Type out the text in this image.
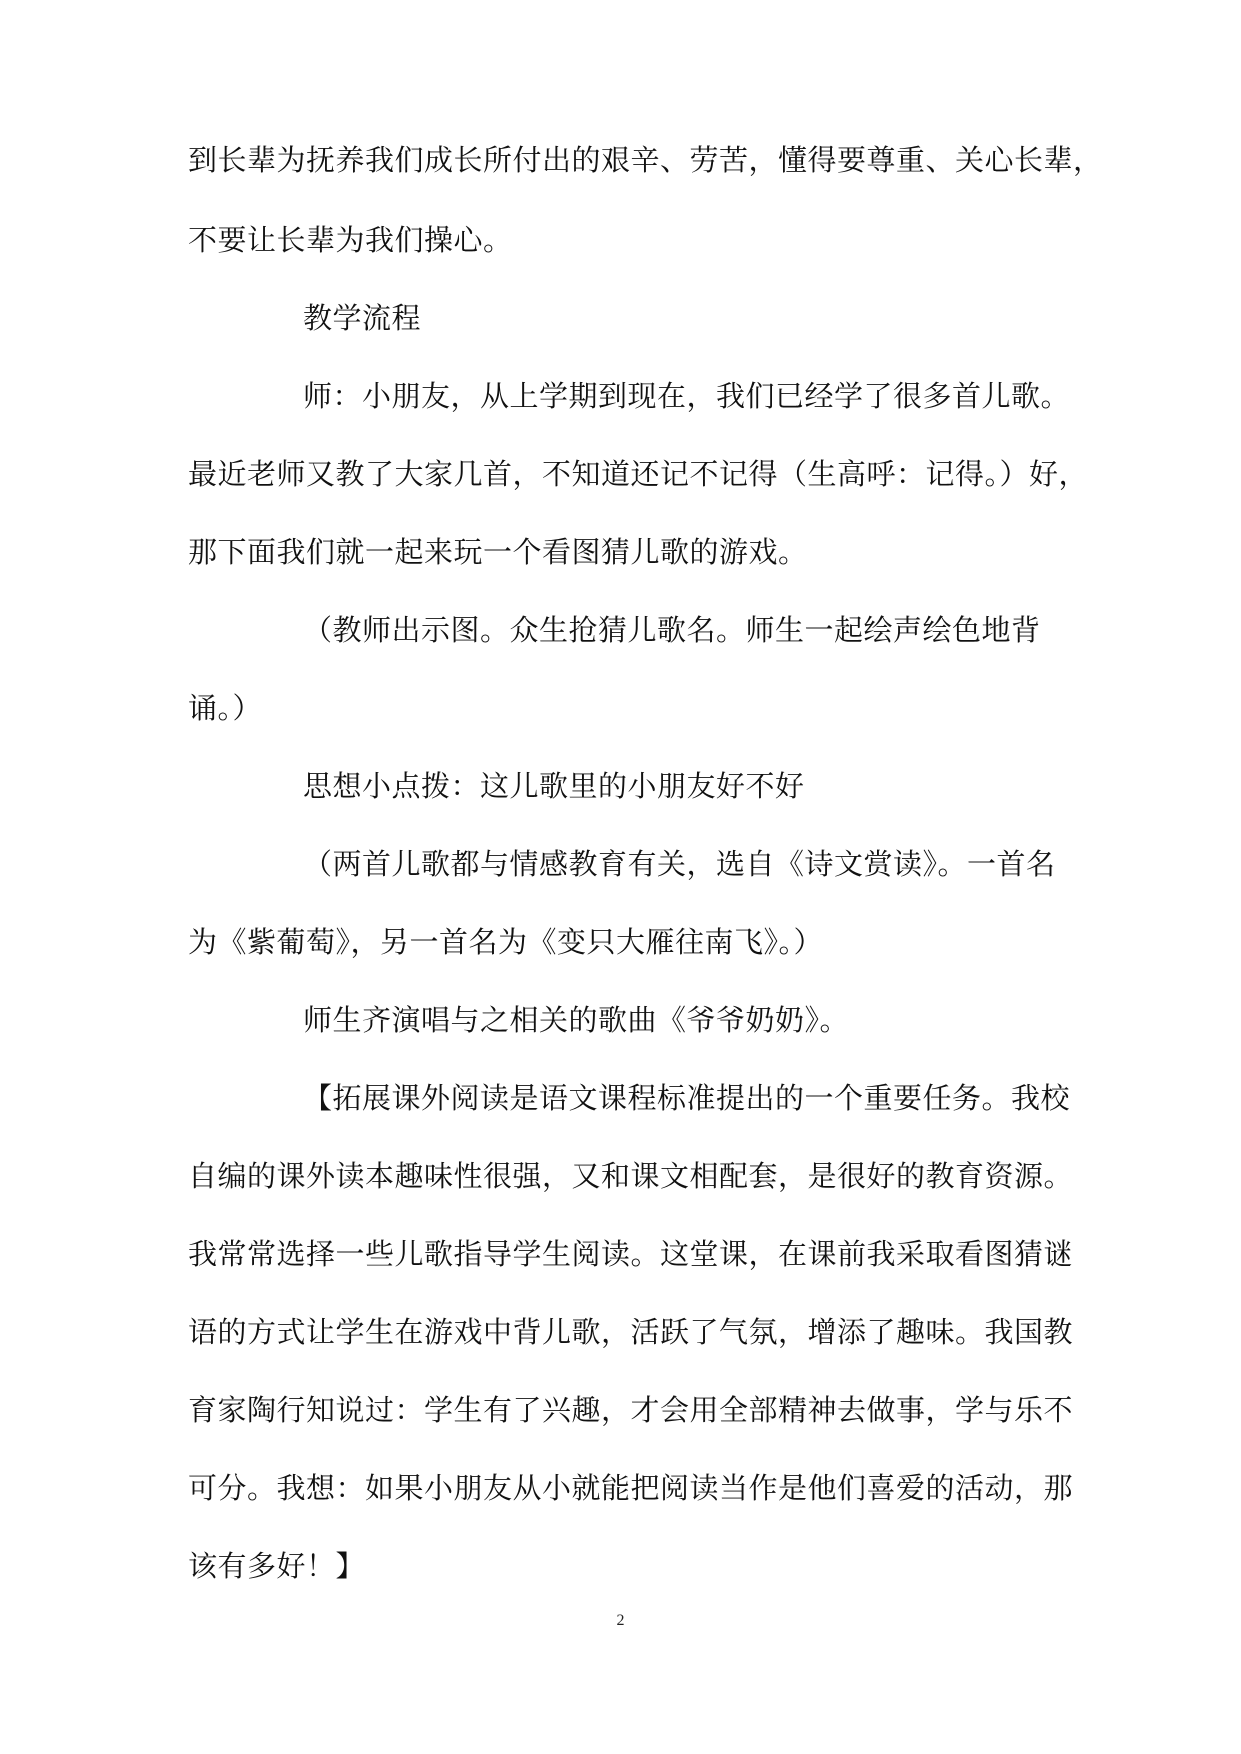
到长辈为抚养我们成长所付出的艰辛、劳苦，懂得要尊重、关心长辈，
不要让长辈为我们操心。
教学流程
师：小朋友，从上学期到现在，我们已经学了很多首儿歌。
最近老师又教了大家几首，不知道还记不记得（生高呼：记得。）好，
那下面我们就一起来玩一个看图猜儿歌的游戏。
（教师出示图。众生抢猜儿歌名。师生一起绘声绘色地背
诵。）
思想小点拨：这儿歌里的小朋友好不好
（两首儿歌都与情感教育有关，选自《诗文赏读》。一首名
为《紫葡萄》，另一首名为《变只大雁往南飞》。）
师生齐演唱与之相关的歌曲《爷爷奶奶》。
【拓展课外阅读是语文课程标准提出的一个重要任务。我校
自编的课外读本趣味性很强，又和课文相配套，是很好的教育资源。
我常常选择一些儿歌指导学生阅读。这堂课，在课前我采取看图猜谜
语的方式让学生在游戏中背儿歌，活跃了气氛，增添了趣味。我国教
育家陶行知说过：学生有了兴趣，才会用全部精神去做事，学与乐不
可分。我想：如果小朋友从小就能把阅读当作是他们喜爱的活动，那
该有多好！】
2
